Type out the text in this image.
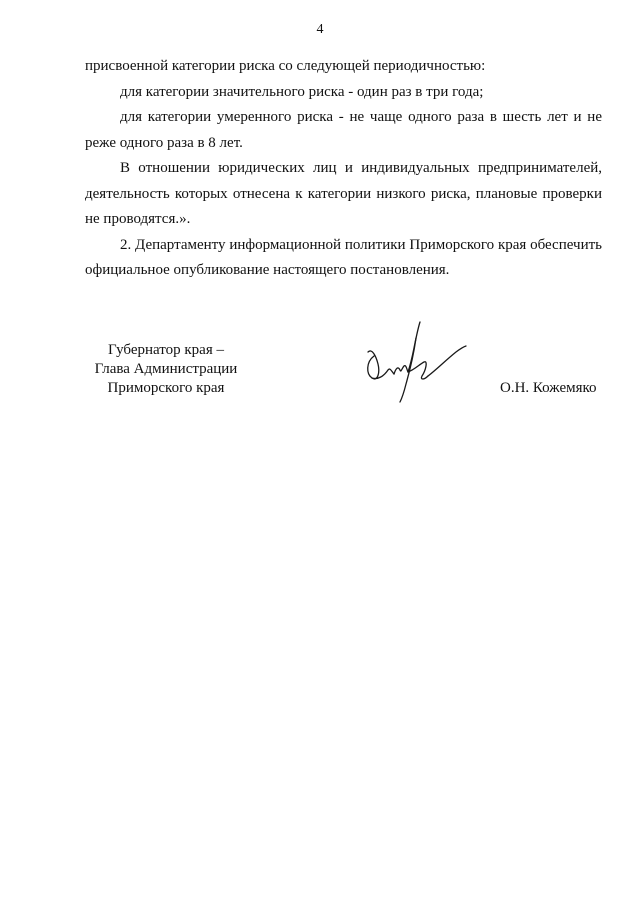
4

присвоенной категории риска со следующей периодичностью:

для категории значительного риска - один раз в три года;

для категории умеренного риска - не чаще одного раза в шесть лет и не реже одного раза в 8 лет.

В отношении юридических лиц и индивидуальных предпринимателей, деятельность которых отнесена к категории низкого риска, плановые проверки не проводятся.».

2. Департаменту информационной политики Приморского края обеспечить официальное опубликование настоящего постановления.

Губернатор края –
Глава Администрации
Приморского края	О.Н. Кожемяко
